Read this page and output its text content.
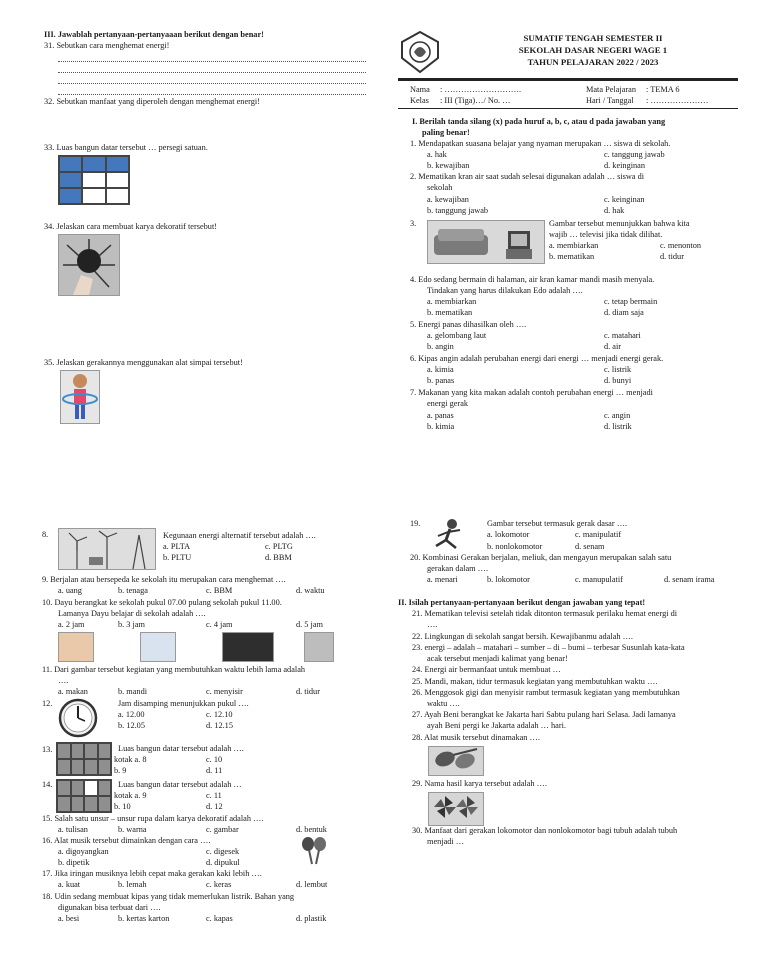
III. Jawablah pertanyaan-pertanyaaan berikut dengan benar!
31. Sebutkan cara menghemat energi!
32. Sebutkan manfaat yang diperoleh dengan menghemat energi!
33. Luas bangun datar tersebut … persegi satuan.
34. Jelaskan cara membuat karya dekoratif tersebut!
35. Jelaskan gerakannya menggunakan alat simpai tersebut!
SUMATIF TENGAH SEMESTER II
SEKOLAH DASAR NEGERI WAGE 1
TAHUN PELAJARAN 2022 / 2023
Nama : ……………………….
Kelas : III (Tiga)…/ No. …
Mata Pelajaran : TEMA 6
Hari / Tanggal : …………………
I. Berilah tanda silang (x) pada huruf a, b, c, atau d pada jawaban yang
paling benar!
1. Mendapatkan suasana belajar yang nyaman merupakan … siswa di sekolah.
a. hak	c. tanggung jawab
b. kewajiban	d. keinginan
2. Mematikan kran air saat sudah selesai digunakan adalah … siswa di
sekolah
a. kewajiban	c. keinginan
b. tanggung jawab	d. hak
3.	Gambar tersebut menunjukkan bahwa kita
wajib … televisi jika tidak dilihat.
a. membiarkan	c. menonton
b. mematikan	d. tidur
4. Edo sedang bermain di halaman, air kran kamar mandi masih menyala.
Tindakan yang harus dilakukan Edo adalah ….
a. membiarkan	c. tetap bermain
b. mematikan	d. diam saja
5. Energi panas dihasilkan oleh ….
a. gelombang laut	c. matahari
b. angin	d. air
6. Kipas angin adalah perubahan energi dari energi … menjadi energi gerak.
a. kimia	c. listrik
b. panas	d. bunyi
7. Makanan yang kita makan adalah contoh perubahan energi … menjadi
energi gerak
a. panas	c. angin
b. kimia	d. listrik
8.	Kegunaan energi alternatif tersebut adalah ….
a. PLTA	c. PLTG
b. PLTU	d. BBM
9. Berjalan atau bersepeda ke sekolah itu merupakan cara menghemat ….
a. uang	b. tenaga	c. BBM	d. waktu
10. Dayu berangkat ke sekolah pukul 07.00 pulang sekolah pukul 11.00.
Lamanya Dayu belajar di sekolah adalah ….
a. 2 jam	b. 3 jam	c. 4 jam	d. 5 jam
11. Dari gambar tersebut kegiatan yang membutuhkan waktu lebih lama adalah
….
a. makan	b. mandi	c. menyisir	d. tidur
12.	Jam disamping menunjukkan pukul ….
a. 12.00	c. 12.10
b. 12.05	d. 12.15
13.	Luas bangun datar tersebut adalah ….
kotak a. 8	c. 10
b. 9	d. 11
14.	Luas bangun datar tersebut adalah …
kotak a. 9	c. 11
b. 10	d. 12
15. Salah satu unsur – unsur rupa dalam karya dekoratif adalah ….
a. tulisan	b. warna	c. gambar	d. bentuk
16. Alat musik tersebut dimainkan dengan cara ….
a. digoyangkan	c. digesek
b. dipetik	d. dipukul
17. Jika iringan musiknya lebih cepat maka gerakan kaki lebih ….
a. kuat	b. lemah	c. keras	d. lembut
18. Udin sedang membuat kipas yang tidak memerlukan listrik. Bahan yang
digunakan bisa terbuat dari ….
a. besi	b. kertas karton	c. kapas	d. plastik
19.	Gambar tersebut termasuk gerak dasar ….
a. lokomotor	c. manipulatif
b. nonlokomotor	d. senam
20. Kombinasi Gerakan berjalan, meliuk, dan mengayun merupakan salah satu
gerakan dalam ….
a. menari	b. lokomotor	c. manupulatif	d. senam irama
II. Isilah pertanyaan-pertanyaan berikut dengan jawaban yang tepat!
21. Mematikan televisi setelah tidak ditonton termasuk perilaku hemat energi di
….
22. Lingkungan di sekolah sangat bersih. Kewajibanmu adalah ….
23. energi – adalah – matahari – sumber – di – bumi – terbesar Susunlah kata-kata
acak tersebut menjadi kalimat yang benar!
24. Energi air bermanfaat untuk membuat …
25. Mandi, makan, tidur termasuk kegiatan yang membutuhkan waktu ….
26. Menggosok gigi dan menyisir rambut termasuk kegiatan yang membutuhkan
waktu ….
27. Ayah Beni berangkat ke Jakarta hari Sabtu pulang hari Selasa. Jadi lamanya
ayah Beni pergi ke Jakarta adalah … hari.
28. Alat musik tersebut dinamakan ….
29. Nama hasil karya tersebut adalah ….
30. Manfaat dari gerakan lokomotor dan nonlokomotor bagi tubuh adalah tubuh
menjadi …
